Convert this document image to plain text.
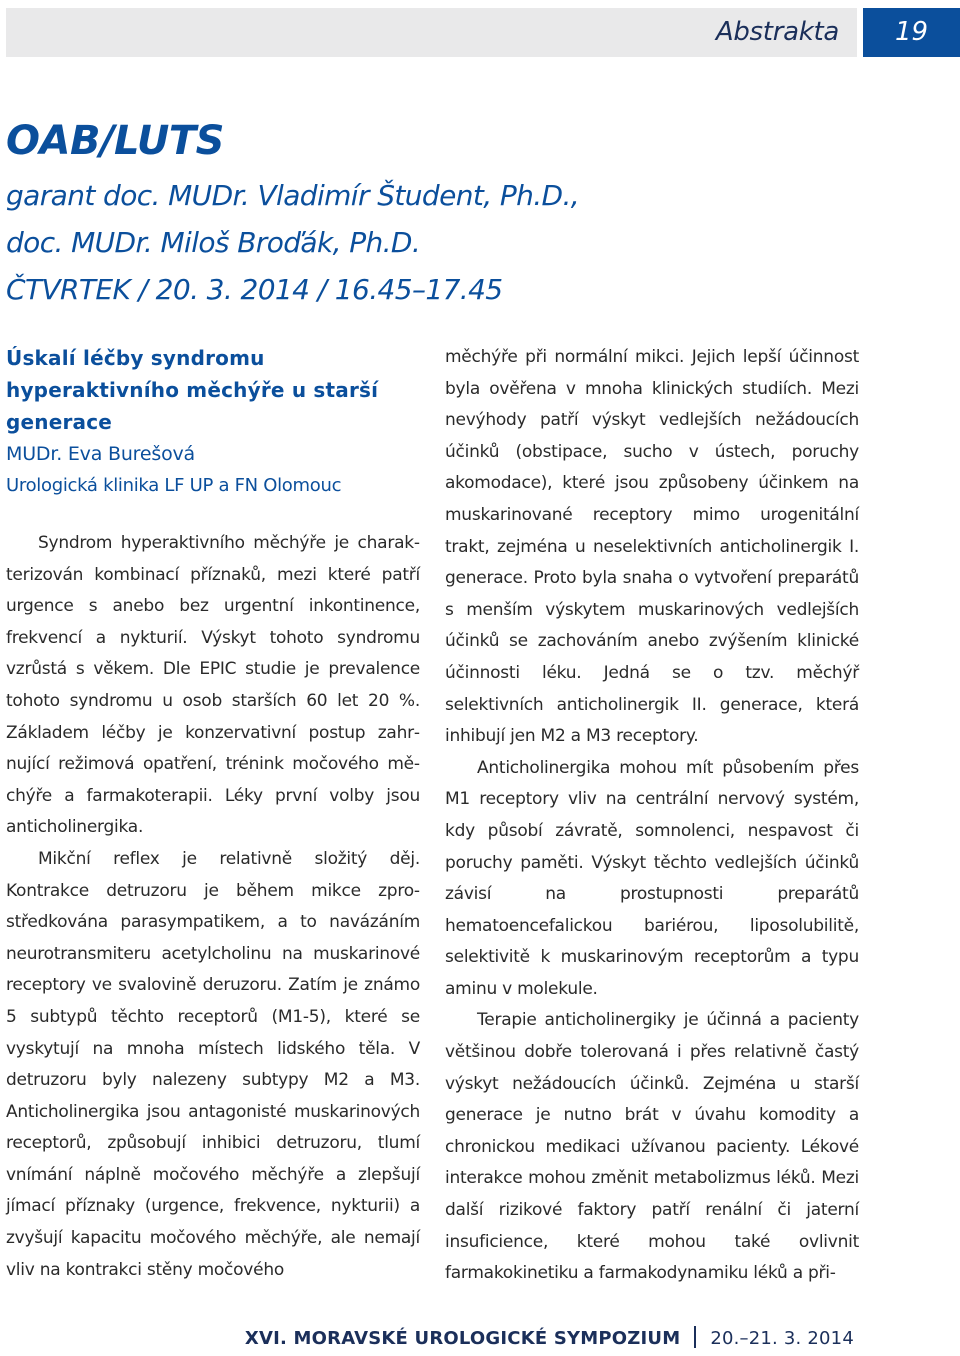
Abstrakta	19
OAB/LUTS
garant doc. MUDr. Vladimír Študent, Ph.D.,
doc. MUDr. Miloš Broďák, Ph.D.
ČTVRTEK / 20. 3. 2014 / 16.45–17.45
Úskalí léčby syndromu hyperaktivního měchýře u starší generace
MUDr. Eva Burešová
Urologická klinika LF UP a FN Olomouc

Syndrom hyperaktivního měchýře je charakterizován kombinací příznaků, mezi které patří urgence s anebo bez urgentní inkontinence, frekvencí a nykturií. Výskyt tohoto syndromu vzrůstá s věkem. Dle EPIC studie je prevalence tohoto syndromu u osob starších 60 let 20 %. Základem léčby je konzervativní postup zahrnující režimová opatření, trénink močového měchýře a farmakoterapii. Léky první volby jsou anticholinergika.

Mikční reflex je relativně složitý děj. Kontrakce detruzoru je během mikce zprostředkována parasympatikem, a to navázáním neurotransmiteru acetylcholinu na muskarinové receptory ve svalovině deruzoru. Zatím je známo 5 subtypů těchto receptorů (M1-5), které se vyskytují na mnoha místech lidského těla. V detruzoru byly nalezeny subtypy M2 a M3. Anticholinergika jsou antagonisté muskarinových receptorů, způsobují inhibici detruzoru, tlumí vnímání náplně močového měchýře a zlepšují jímací příznaky (urgence, frekvence, nykturii) a zvyšují kapacitu močového měchýře, ale nemají vliv na kontrakci stěny močového

měchýře při normální mikci. Jejich lepší účinnost byla ověřena v mnoha klinických studiích. Mezi nevýhody patří výskyt vedlejších nežádoucích účinků (obstipace, sucho v ústech, poruchy akomodace), které jsou způsobeny účinkem na muskarinované receptory mimo urogenitální trakt, zejména u neselektivních anticholinergik I. generace. Proto byla snaha o vytvoření preparátů s menším výskytem muskarinových vedlejších účinků se zachováním anebo zvýšením klinické účinnosti léku. Jedná se o tzv. měchýř selektivních anticholinergik II. generace, která inhibují jen M2 a M3 receptory.

Anticholinergika mohou mít působením přes M1 receptory vliv na centrální nervový systém, kdy působí závratě, somnolenci, nespavost či poruchy paměti. Výskyt těchto vedlejších účinků závisí na prostupnosti preparátů hematoencefalickou bariérou, liposolubilitě, selektivitě k muskarinovým receptorům a typu aminu v molekule.

Terapie anticholinergiky je účinná a pacienty většinou dobře tolerovaná i přes relativně častý výskyt nežádoucích účinků. Zejména u starší generace je nutno brát v úvahu komodity a chronickou medikaci užívanou pacienty. Lékové interakce mohou změnit metabolizmus léků. Mezi další rizikové faktory patří renální či jaterní insuficience, které mohou také ovlivnit farmakokinetiku a farmakodynamiku léků a při-

XVI. MORAVSKÉ UROLOGICKÉ SYMPOZIUM 20.–21. 3. 2014
